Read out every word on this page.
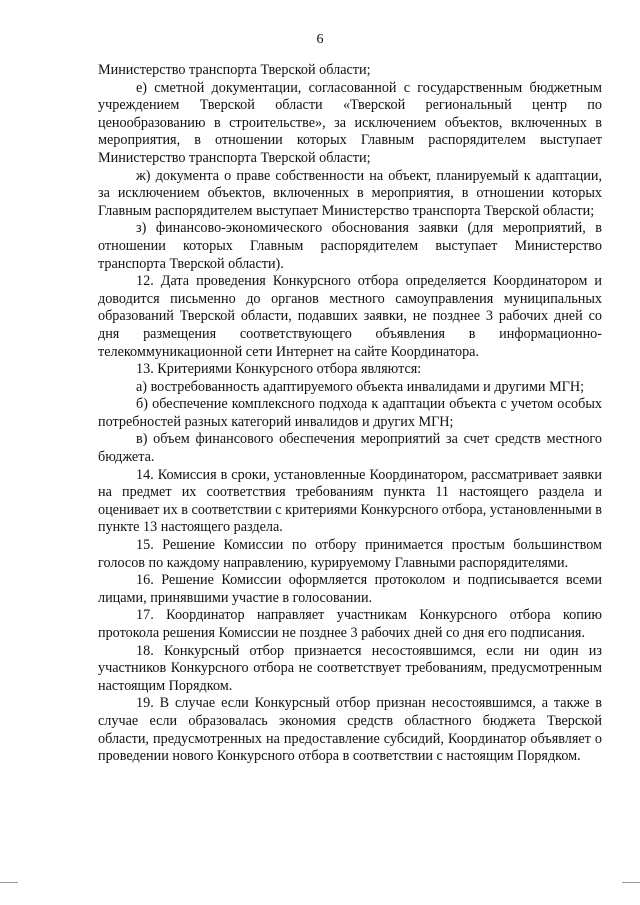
6

Министерство транспорта Тверской области;

е) сметной документации, согласованной с государственным бюджетным учреждением Тверской области «Тверской региональный центр по ценообразованию в строительстве», за исключением объектов, включенных в мероприятия, в отношении которых Главным распорядителем выступает Министерство транспорта Тверской области;

ж) документа о праве собственности на объект, планируемый к адаптации, за исключением объектов, включенных в мероприятия, в отношении которых Главным распорядителем выступает Министерство транспорта Тверской области;

з) финансово-экономического обоснования заявки (для мероприятий, в отношении которых Главным распорядителем выступает Министерство транспорта Тверской области).

12. Дата проведения Конкурсного отбора определяется Координатором и доводится письменно до органов местного самоуправления муниципальных образований Тверской области, подавших заявки, не позднее 3 рабочих дней со дня размещения соответствующего объявления в информационно-телекоммуникационной сети Интернет на сайте Координатора.

13. Критериями Конкурсного отбора являются:

а) востребованность адаптируемого объекта инвалидами и другими МГН;

б) обеспечение комплексного подхода к адаптации объекта с учетом особых потребностей разных категорий инвалидов и других МГН;

в) объем финансового обеспечения мероприятий за счет средств местного бюджета.

14. Комиссия в сроки, установленные Координатором, рассматривает заявки на предмет их соответствия требованиям пункта 11 настоящего раздела и оценивает их в соответствии с критериями Конкурсного отбора, установленными в пункте 13 настоящего раздела.

15. Решение Комиссии по отбору принимается простым большинством голосов по каждому направлению, курируемому Главными распорядителями.

16. Решение Комиссии оформляется протоколом и подписывается всеми лицами, принявшими участие в голосовании.

17. Координатор направляет участникам Конкурсного отбора копию протокола решения Комиссии не позднее 3 рабочих дней со дня его подписания.

18. Конкурсный отбор признается несостоявшимся, если ни один из участников Конкурсного отбора не соответствует требованиям, предусмотренным настоящим Порядком.

19. В случае если Конкурсный отбор признан несостоявшимся, а также в случае если образовалась экономия средств областного бюджета Тверской области, предусмотренных на предоставление субсидий, Координатор объявляет о проведении нового Конкурсного отбора в соответствии с настоящим Порядком.
